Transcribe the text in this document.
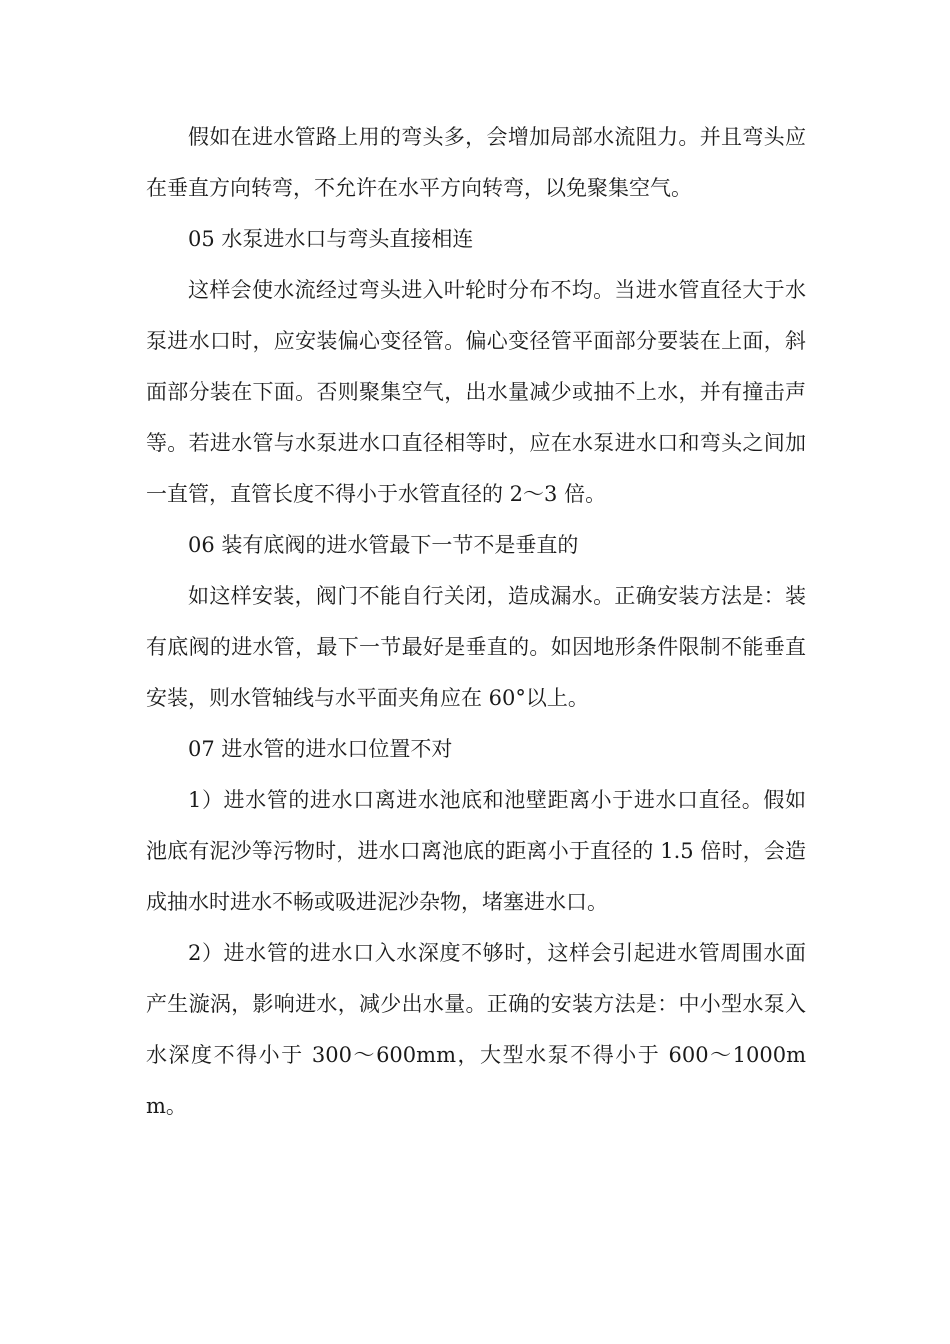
假如在进水管路上用的弯头多，会增加局部水流阻力。并且弯头应在垂直方向转弯，不允许在水平方向转弯，以免聚集空气。

05 水泵进水口与弯头直接相连

这样会使水流经过弯头进入叶轮时分布不均。当进水管直径大于水泵进水口时，应安装偏心变径管。偏心变径管平面部分要装在上面，斜面部分装在下面。否则聚集空气，出水量减少或抽不上水，并有撞击声等。若进水管与水泵进水口直径相等时，应在水泵进水口和弯头之间加一直管，直管长度不得小于水管直径的 2～3 倍。

06 装有底阀的进水管最下一节不是垂直的

如这样安装，阀门不能自行关闭，造成漏水。正确安装方法是：装有底阀的进水管，最下一节最好是垂直的。如因地形条件限制不能垂直安装，则水管轴线与水平面夹角应在 60°以上。

07 进水管的进水口位置不对

1）进水管的进水口离进水池底和池壁距离小于进水口直径。假如池底有泥沙等污物时，进水口离池底的距离小于直径的 1.5 倍时，会造成抽水时进水不畅或吸进泥沙杂物，堵塞进水口。

2）进水管的进水口入水深度不够时，这样会引起进水管周围水面产生漩涡，影响进水，减少出水量。正确的安装方法是：中小型水泵入水深度不得小于 300～600mm，大型水泵不得小于 600～1000mm。
